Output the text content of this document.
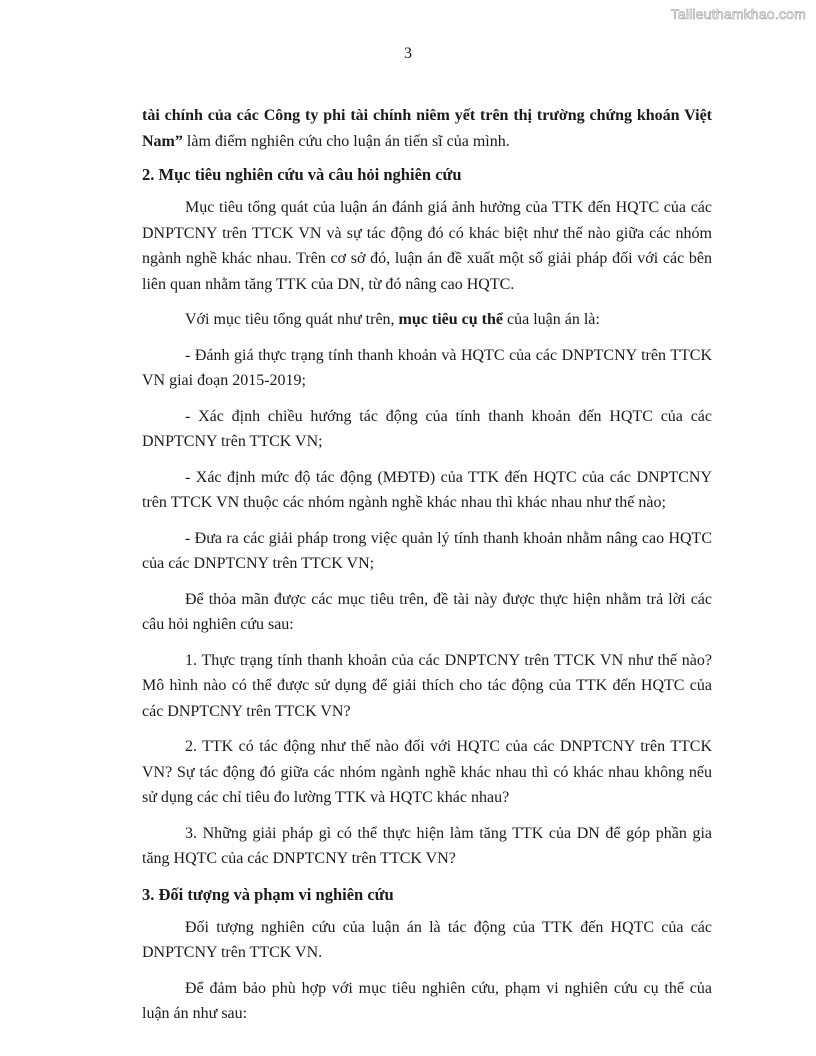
Tailieuthamkhao.com
3

tài chính của các Công ty phi tài chính niêm yết trên thị trường chứng khoán Việt Nam” làm điểm nghiên cứu cho luận án tiến sĩ của mình.

2. Mục tiêu nghiên cứu và câu hỏi nghiên cứu

Mục tiêu tổng quát của luận án đánh giá ảnh hưởng của TTK đến HQTC của các DNPTCNY trên TTCK VN và sự tác động đó có khác biệt như thế nào giữa các nhóm ngành nghề khác nhau. Trên cơ sở đó, luận án đề xuất một số giải pháp đối với các bên liên quan nhằm tăng TTK của DN, từ đó nâng cao HQTC.

Với mục tiêu tổng quát như trên, mục tiêu cụ thể của luận án là:

- Đánh giá thực trạng tính thanh khoản và HQTC của các DNPTCNY trên TTCK VN giai đoạn 2015-2019;

- Xác định chiều hướng tác động của tính thanh khoản đến HQTC của các DNPTCNY trên TTCK VN;

- Xác định mức độ tác động (MĐTĐ) của TTK đến HQTC của các DNPTCNY trên TTCK VN thuộc các nhóm ngành nghề khác nhau thì khác nhau như thế nào;

- Đưa ra các giải pháp trong việc quản lý tính thanh khoản nhằm nâng cao HQTC của các DNPTCNY trên TTCK VN;

Để thỏa mãn được các mục tiêu trên, đề tài này được thực hiện nhằm trả lời các câu hỏi nghiên cứu sau:

1. Thực trạng tính thanh khoản của các DNPTCNY trên TTCK VN như thế nào? Mô hình nào có thể được sử dụng để giải thích cho tác động của TTK đến HQTC của các DNPTCNY trên TTCK VN?

2. TTK có tác động như thế nào đối với HQTC của các DNPTCNY trên TTCK VN? Sự tác động đó giữa các nhóm ngành nghề khác nhau thì có khác nhau không nếu sử dụng các chỉ tiêu đo lường TTK và HQTC khác nhau?

3. Những giải pháp gì có thể thực hiện làm tăng TTK của DN để góp phần gia tăng HQTC của các DNPTCNY trên TTCK VN?

3. Đối tượng và phạm vi nghiên cứu

Đối tượng nghiên cứu của luận án là tác động của TTK đến HQTC của các DNPTCNY trên TTCK VN.

Để đảm bảo phù hợp với mục tiêu nghiên cứu, phạm vi nghiên cứu cụ thể của luận án như sau:
